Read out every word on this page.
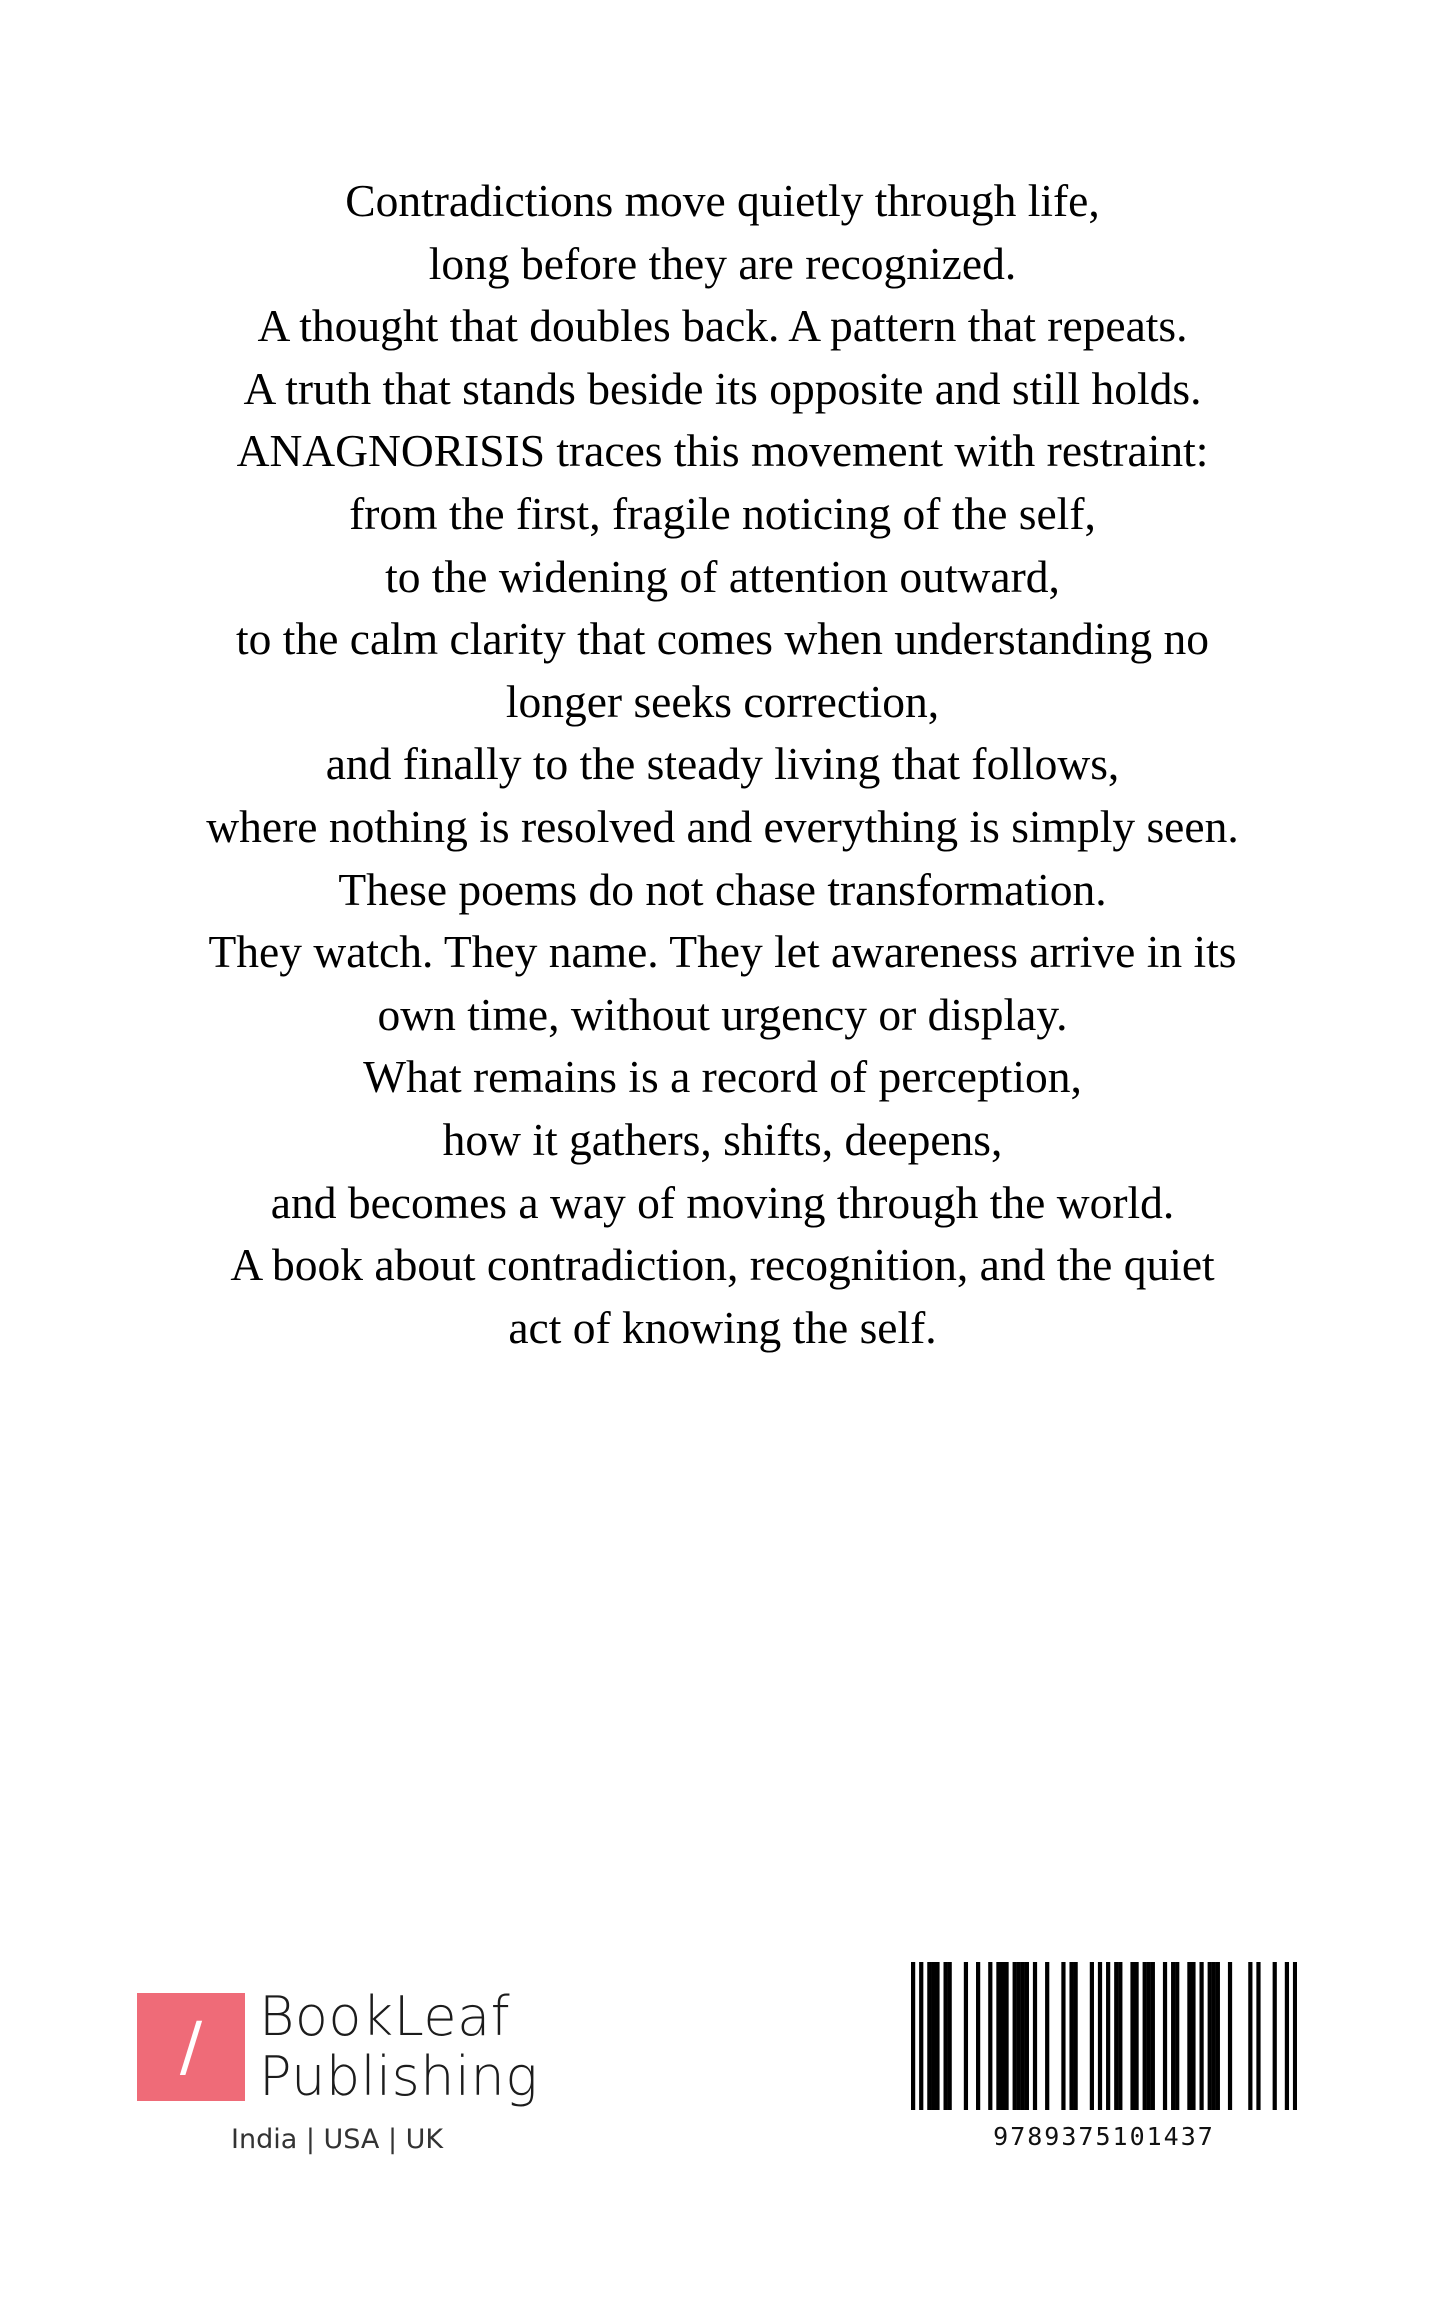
Contradictions move quietly through life,
long before they are recognized.
A thought that doubles back. A pattern that repeats.
A truth that stands beside its opposite and still holds.
ANAGNORISIS traces this movement with restraint:
from the first, fragile noticing of the self,
to the widening of attention outward,
to the calm clarity that comes when understanding no
longer seeks correction,
and finally to the steady living that follows,
where nothing is resolved and everything is simply seen.
These poems do not chase transformation.
They watch. They name. They let awareness arrive in its
own time, without urgency or display.
What remains is a record of perception,
how it gathers, shifts, deepens,
and becomes a way of moving through the world.
A book about contradiction, recognition, and the quiet
act of knowing the self.
/	BookLeaf
Publishing
India | USA | UK	9789375101437
